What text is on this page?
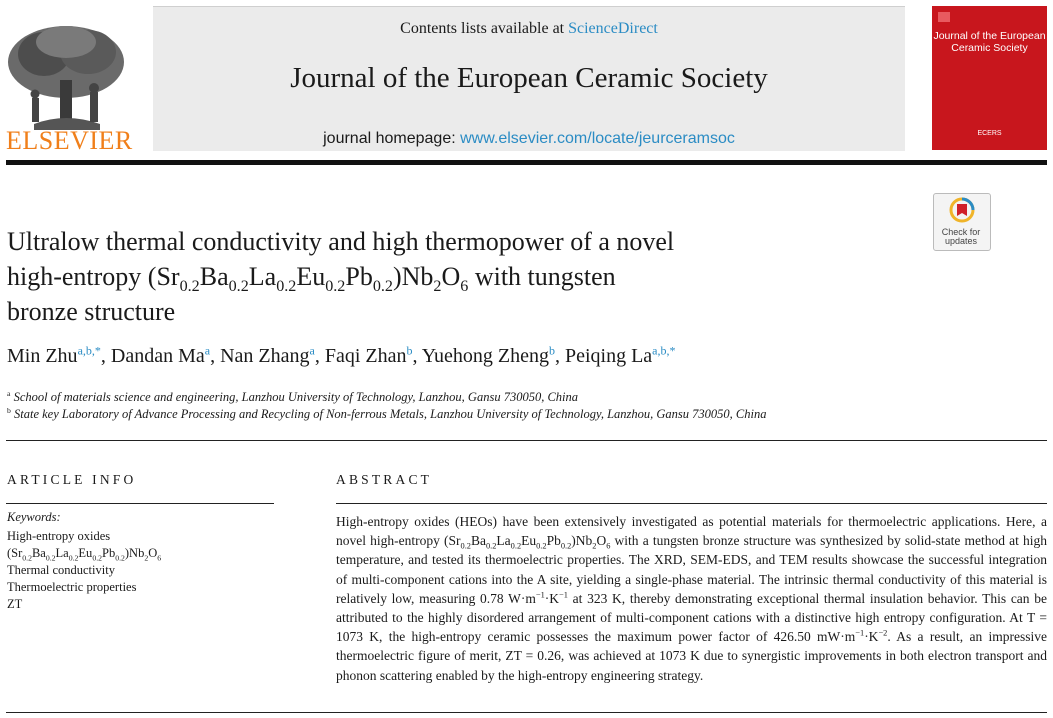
ELSEVIER
Contents lists available at ScienceDirect
Journal of the European Ceramic Society
journal homepage: www.elsevier.com/locate/jeurceramsoc	ECERS
Journal of the European Ceramic Society
Check for updates
Ultralow thermal conductivity and high thermopower of a novel
high-entropy $(Sr_{0.2}Ba_{0.2}La_{0.2}Eu_{0.2}Pb_{0.2})Nb_2O_6$ with tungsten
bronze structure
Min Zhu$^{a,b,*}$, Dandan Ma$^a$, Nan Zhang$^a$, Faqi Zhan$^b$, Yuehong Zheng$^b$, Peiqing $La^{a,b,*}$
$^a$ School of materials science and engineering, Lanzhou University of Technology, Lanzhou, Gansu 730050, China
$^b$ State key Laboratory of Advance Processing and Recycling of Non-ferrous Metals, Lanzhou University of Technology, Lanzhou, Gansu 730050, China
ARTICLE INFO
Keywords:
High-entropy oxides
$(Sr_{0.2}Ba_{0.2}La_{0.2}Eu_{0.2}Pb_{0.2})Nb_2O_6$
Thermal conductivity
Thermoelectric properties
ZT
ABSTRACT
High-entropy oxides (HEOs) have been extensively investigated as potential materials for thermoelectric applications. Here, a novel high-entropy $(Sr_{0.2}Ba_{0.2}La_{0.2}Eu_{0.2}Pb_{0.2})Nb_2O_6$ with a tungsten bronze structure was synthesized by solid-state method at high temperature, and tested its thermoelectric properties. The XRD, SEM-EDS, and TEM results showcase the successful integration of multi-component cations into the A site, yielding a single-phase material. The intrinsic thermal conductivity of this material is relatively low, measuring 0.78 $W\cdot m^{-1}\cdot K^{-1}$ at 323 K, thereby demonstrating exceptional thermal insulation behavior. This can be attributed to the highly disordered arrangement of multi-component cations with a distinctive high entropy configuration. At T = 1073 K, the high-entropy ceramic possesses the maximum power factor of 426.50 $mW\cdot m^{-1}\cdot K^{-2}$. As a result, an impressive thermoelectric figure of merit, ZT = 0.26, was achieved at 1073 K due to synergistic improvements in both electron transport and phonon scattering enabled by the high-entropy engineering strategy.
